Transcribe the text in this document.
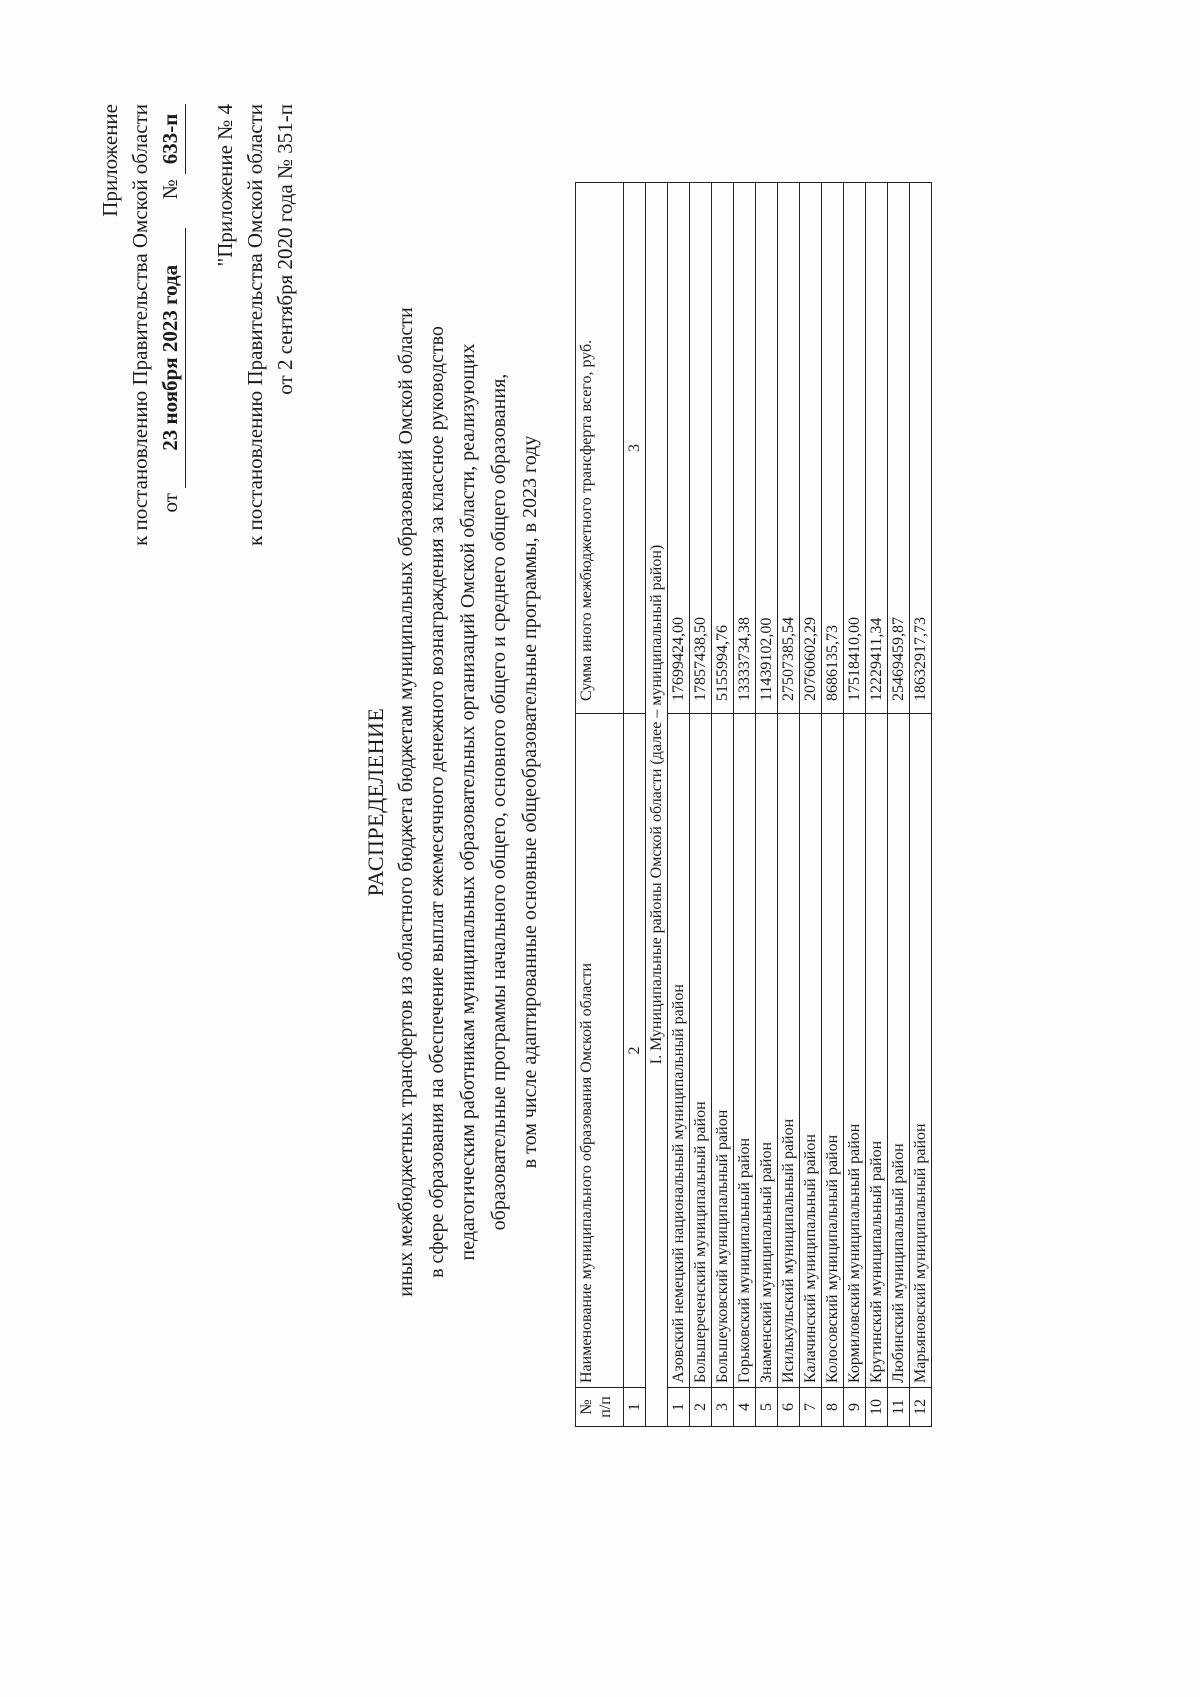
Приложение к постановлению Правительства Омской области от 23 ноября 2023 года  № 633-п "Приложение № 4 к постановлению Правительства Омской области от 2 сентября 2020 года № 351-п
РАСПРЕДЕЛЕНИЕ иных межбюджетных трансфертов из областного бюджета бюджетам муниципальных образований Омской области в сфере образования на обеспечение выплат ежемесячного денежного вознаграждения за классное руководство педагогическим работникам муниципальных образовательных организаций Омской области, реализующих образовательные программы начального общего, основного общего и среднего общего образования, в том числе адаптированные основные общеобразовательные программы, в 2023 году
№ п/п	Наименование муниципального образования Омской области	Сумма иного межбюджетного трансферта всего, руб.
1	2	3
I. Муниципальные районы Омской области (далее – муниципальный район)		
1	Азовский немецкий национальный муниципальный район	17699424,00
2	Большереченский муниципальный район	17857438,50
3	Большеуковский муниципальный район	5155994,76
4	Горьковский муниципальный район	13333734,38
5	Знаменский муниципальный район	11439102,00
6	Исилькульский муниципальный район	27507385,54
7	Калачинский муниципальный район	20760602,29
8	Колосовский муниципальный район	8686135,73
9	Кормиловский муниципальный район	17518410,00
10	Крутинский муниципальный район	12229411,34
11	Любинский муниципальный район	25469459,87
12	Марьяновский муниципальный район	18632917,73
